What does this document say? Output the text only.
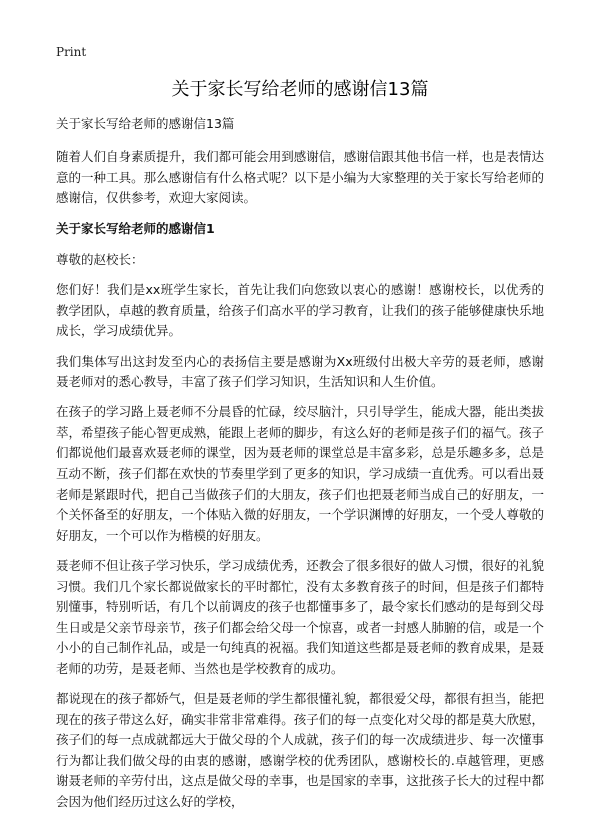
Print
关于家长写给老师的感谢信13篇
关于家长写给老师的感谢信13篇

随着人们自身素质提升，我们都可能会用到感谢信，感谢信跟其他书信一样，也是表情达意的一种工具。那么感谢信有什么格式呢？以下是小编为大家整理的关于家长写给老师的感谢信，仅供参考，欢迎大家阅读。

关于家长写给老师的感谢信1
尊敬的赵校长：

您们好！我们是xx班学生家长，首先让我们向您致以衷心的感谢！感谢校长，以优秀的教学团队，卓越的教育质量，给孩子们高水平的学习教育，让我们的孩子能够健康快乐地成长，学习成绩优异。

我们集体写出这封发至内心的表扬信主要是感谢为Xx班级付出极大辛劳的聂老师，感谢聂老师对的悉心教导，丰富了孩子们学习知识，生活知识和人生价值。

在孩子的学习路上聂老师不分晨昏的忙碌，绞尽脑汁，只引导学生，能成大器，能出类拔萃，希望孩子能心智更成熟，能跟上老师的脚步，有这么好的老师是孩子们的福气。孩子们都说他们最喜欢聂老师的课堂，因为聂老师的课堂总是丰富多彩，总是乐趣多多，总是互动不断，孩子们都在欢快的节奏里学到了更多的知识，学习成绩一直优秀。可以看出聂老师是紧跟时代，把自己当做孩子们的大朋友，孩子们也把聂老师当成自己的好朋友，一个关怀备至的好朋友，一个体贴入微的好朋友，一个学识渊博的好朋友，一个受人尊敬的好朋友，一个可以作为楷模的好朋友。

聂老师不但让孩子学习快乐，学习成绩优秀，还教会了很多很好的做人习惯，很好的礼貌习惯。我们几个家长都说做家长的平时都忙，没有太多教育孩子的时间，但是孩子们都特别懂事，特别听话，有几个以前调皮的孩子也都懂事多了，最令家长们感动的是每到父母生日或是父亲节母亲节，孩子们都会给父母一个惊喜，或者一封感人肺腑的信，或是一个小小的自己制作礼品，或是一句纯真的祝福。我们知道这些都是聂老师的教育成果，是聂老师的功劳，是聂老师、当然也是学校教育的成功。

都说现在的孩子都娇气，但是聂老师的学生都很懂礼貌，都很爱父母，都很有担当，能把现在的孩子带这么好，确实非常非常难得。孩子们的每一点变化对父母的都是莫大欣慰，孩子们的每一点成就都远大于做父母的个人成就，孩子们的每一次成绩进步、每一次懂事行为都让我们做父母的由衷的感谢，感谢学校的优秀团队，感谢校长的.卓越管理，更感谢聂老师的辛劳付出，这点是做父母的幸事，也是国家的幸事，这批孩子长大的过程中都会因为他们经历过这么好的学校，
